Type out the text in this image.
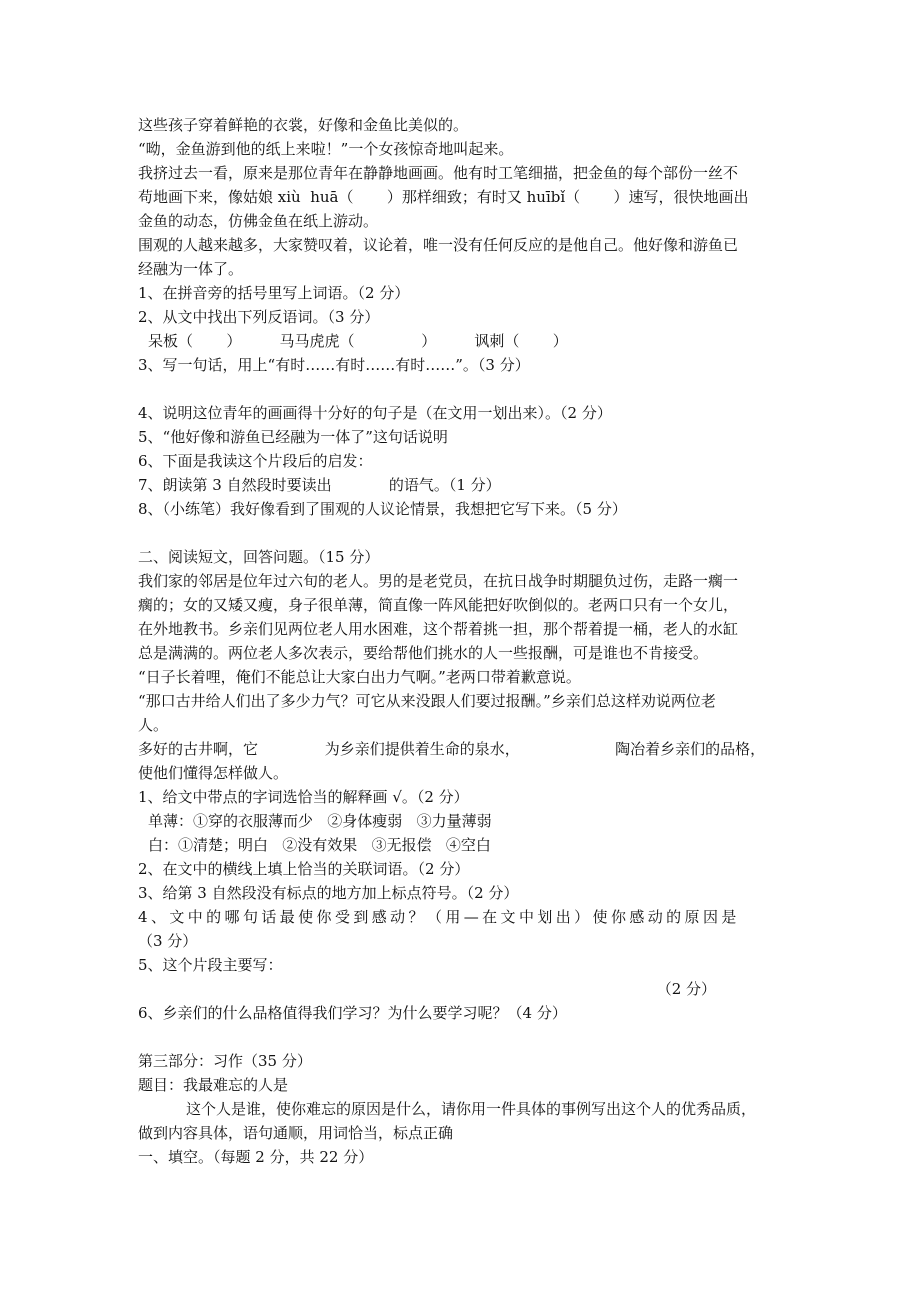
这些孩子穿着鲜艳的衣裳，好像和金鱼比美似的。
“呦，金鱼游到他的纸上来啦！”一个女孩惊奇地叫起来。
我挤过去一看，原来是那位青年在静静地画画。他有时工笔细描，把金鱼的每个部份一丝不
苟地画下来，像姑娘 xiù  huā（       ）那样细致；有时又 huībǐ（       ）速写，很快地画出
金鱼的动态，仿佛金鱼在纸上游动。
围观的人越来越多，大家赞叹着，议论着，唯一没有任何反应的是他自己。他好像和游鱼已
经融为一体了。
1、在拼音旁的括号里写上词语。（2 分）
2、从文中找出下列反语词。（3 分）
呆板（       ）        马马虎虎（              ）        讽刺（       ）
3、写一句话，用上“有时……有时……有时……”。（3 分）
4、说明这位青年的画画得十分好的句子是（在文用一划出来）。（2 分）
5、“他好像和游鱼已经融为一体了”这句话说明
6、下面是我读这个片段后的启发：
7、朗读第 3 自然段时要读出            的语气。（1 分）
8、（小练笔）我好像看到了围观的人议论情景，我想把它写下来。（5 分）
二、阅读短文，回答问题。（15 分）
我们家的邻居是位年过六旬的老人。男的是老党员，在抗日战争时期腿负过伤，走路一瘸一
瘸的；女的又矮又瘦，身子很单薄，简直像一阵风能把好吹倒似的。老两口只有一个女儿，
在外地教书。乡亲们见两位老人用水困难，这个帮着挑一担，那个帮着提一桶，老人的水缸
总是满满的。两位老人多次表示，要给帮他们挑水的人一些报酬，可是谁也不肯接受。
“日子长着哩，俺们不能总让大家白出力气啊。”老两口带着歉意说。
“那口古井给人们出了多少力气？可它从来没跟人们要过报酬。”乡亲们总这样劝说两位老
人。
多好的古井啊，它              为乡亲们提供着生命的泉水，                    陶冶着乡亲们的品格，
使他们懂得怎样做人。
1、给文中带点的字词选恰当的解释画 √。（2 分）
单薄：①穿的衣服薄而少   ②身体瘦弱   ③力量薄弱
白：①清楚；明白   ②没有效果   ③无报偿   ④空白
2、在文中的横线上填上恰当的关联词语。（2 分）
3、给第 3 自然段没有标点的地方加上标点符号。（2 分）
4、文中的哪句话最使你受到感动？（用—在文中划出）使你感动的原因是
（3 分）
5、这个片段主要写：
（2 分）
6、乡亲们的什么品格值得我们学习？为什么要学习呢？（4 分）
第三部分：习作（35 分）
题目：我最难忘的人是
这个人是谁，使你难忘的原因是什么，请你用一件具体的事例写出这个人的优秀品质，
做到内容具体，语句通顺，用词恰当，标点正确
一、填空。（每题 2 分，共 22 分）
